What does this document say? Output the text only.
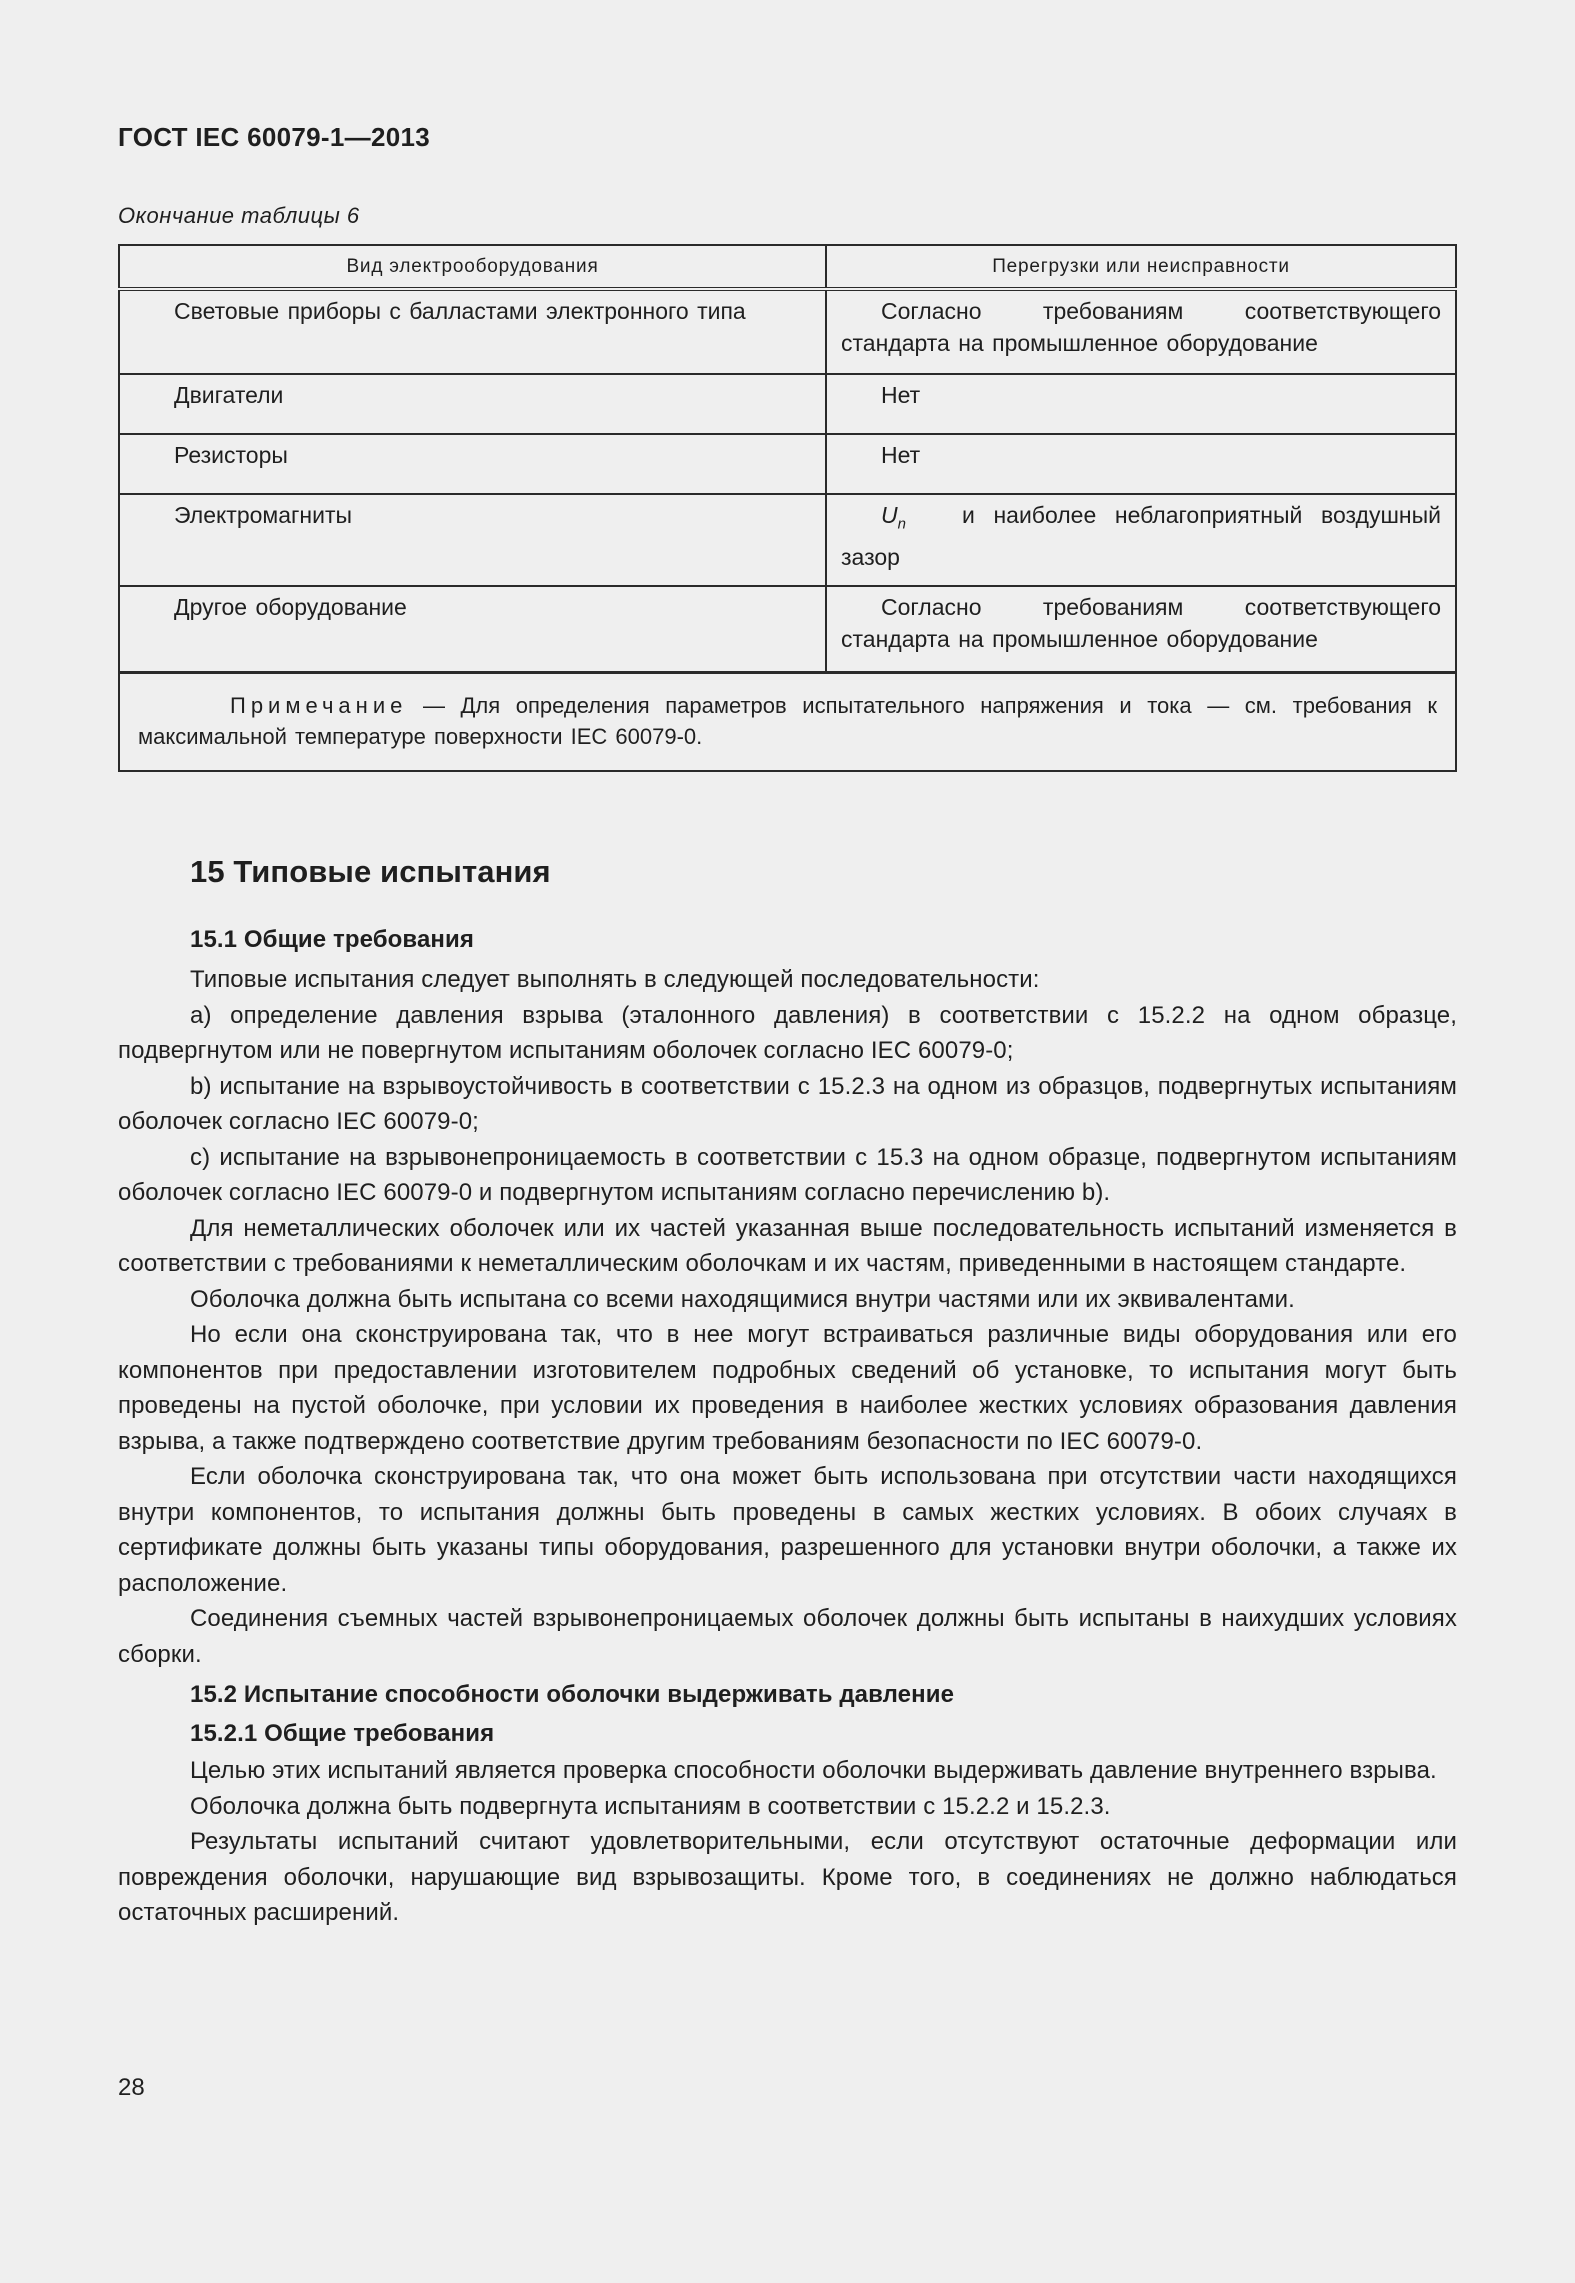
ГОСТ IEC 60079-1—2013
Окончание таблицы 6
Вид электрооборудования	Перегрузки или неисправности

Световые приборы с балластами электронного типа	Согласно требованиям соответствующего стандарта на промышленное оборудование

Двигатели	Нет

Резисторы	Нет

Электромагниты	$U_n$ и наиболее неблагоприятный воздушный зазор

Другое оборудование	Согласно требованиям соответствующего стандарта на промышленное оборудование

Примечание — Для определения параметров испытательного напряжения и тока — см. требования к максимальной температуре поверхности IEC 60079-0.	

15 Типовые испытания
15.1 Общие требования

Типовые испытания следует выполнять в следующей последовательности:

а) определение давления взрыва (эталонного давления) в соответствии с 15.2.2 на одном образце, подвергнутом или не повергнутом испытаниям оболочек согласно IEC 60079-0;

b) испытание на взрывоустойчивость в соответствии с 15.2.3 на одном из образцов, подвергнутых испытаниям оболочек согласно IEC 60079-0;

с) испытание на взрывонепроницаемость в соответствии с 15.3 на одном образце, подвергнутом испытаниям оболочек согласно IEC 60079-0 и подвергнутом испытаниям согласно перечислению b).

Для неметаллических оболочек или их частей указанная выше последовательность испытаний изменяется в соответствии с требованиями к неметаллическим оболочкам и их частям, приведенными в настоящем стандарте.

Оболочка должна быть испытана со всеми находящимися внутри частями или их эквивалентами.

Но если она сконструирована так, что в нее могут встраиваться различные виды оборудования или его компонентов при предоставлении изготовителем подробных сведений об установке, то испытания могут быть проведены на пустой оболочке, при условии их проведения в наиболее жестких условиях образования давления взрыва, а также подтверждено соответствие другим требованиям безопасности по IEC 60079-0.

Если оболочка сконструирована так, что она может быть использована при отсутствии части находящихся внутри компонентов, то испытания должны быть проведены в самых жестких условиях. В обоих случаях в сертификате должны быть указаны типы оборудования, разрешенного для установки внутри оболочки, а также их расположение.

Соединения съемных частей взрывонепроницаемых оболочек должны быть испытаны в наихудших условиях сборки.

15.2 Испытание способности оболочки выдерживать давление
15.2.1 Общие требования

Целью этих испытаний является проверка способности оболочки выдерживать давление внутреннего взрыва.

Оболочка должна быть подвергнута испытаниям в соответствии с 15.2.2 и 15.2.3.

Результаты испытаний считают удовлетворительными, если отсутствуют остаточные деформации или повреждения оболочки, нарушающие вид взрывозащиты. Кроме того, в соединениях не должно наблюдаться остаточных расширений.

28
